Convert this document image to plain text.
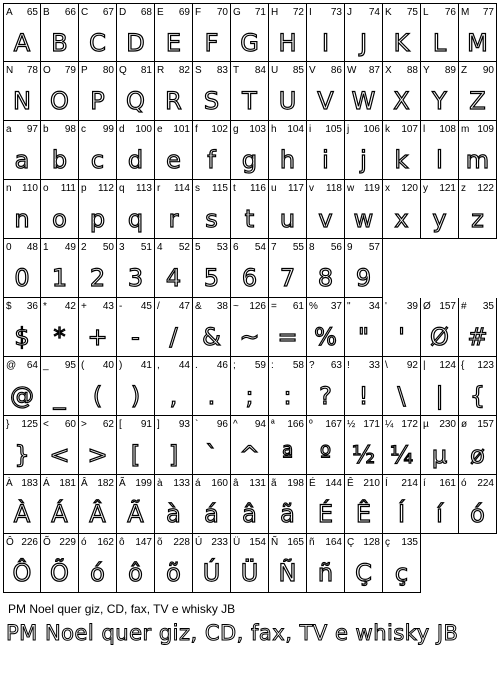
A 65
A
B 66
B
C 67
C
D 68
D
E 69
E
F 70
F
G 71
G
H 72
H
I 73
I
J 74
J
K 75
K
L 76
L
M 77
M
N 78
N
O 79
O
P 80
P
Q 81
Q
R 82
R
S 83
S
T 84
T
U 85
U
V 86
V
W 87
W
X 88
X
Y 89
Y
Z 90
Z
a 97
a
b 98
b
c 99
c
d 100
d
e 101
e
f 102
f
g 103
g
h 104
h
i 105
i
j 106
j
k 107
k
l 108
l
m 109
m
n 110
n
o 111
o
p 112
p
q 113
q
r 114
r
s 115
s
t 116
t
u 117
u
v 118
v
w 119
w
x 120
x
y 121
y
z 122
z
0 48
0
1 49
1
2 50
2
3 51
3
4 52
4
5 53
5
6 54
6
7 55
7
8 56
8
9 57
9
$ 36
$
* 42
*
+ 43
+
- 45
-
/ 47
/
& 38
&
~ 126
~
= 61
=
% 37
%
" 34
"
' 39
'
Ø 157
Ø
# 35
#
@ 64
@
_ 95
_
( 40
(
) 41
)
, 44
,
. 46
.
; 59
;
: 58
:
? 63
?
! 33
!
\ 92
\
| 124
|
{ 123
{
} 125
}
< 60
<
> 62
>
[ 91
[
] 93
]
` 96
`
^ 94
^
ª 166
ª
º 167
º
½ 171
½
¼ 172
¼
µ 230
µ
ø 157
ø
À 183
À
Á 181
Á
Â 182
Â
Ã 199
Ã
à 133
à
á 160
á
â 131
â
ã 198
ã
É 144
É
Ê 210
Ê
Í 214
Í
í 161
í
ó 224
ó
Ô 226
Ô
Õ 229
Õ
ó 162
ó
ô 147
ô
õ 228
õ
Ú 233
Ú
Ü 154
Ü
Ñ 165
Ñ
ñ 164
ñ
Ç 128
Ç
ç 135
ç
PM Noel quer giz, CD, fax, TV e whisky JB
PM Noel quer giz, CD, fax, TV e whisky JB
